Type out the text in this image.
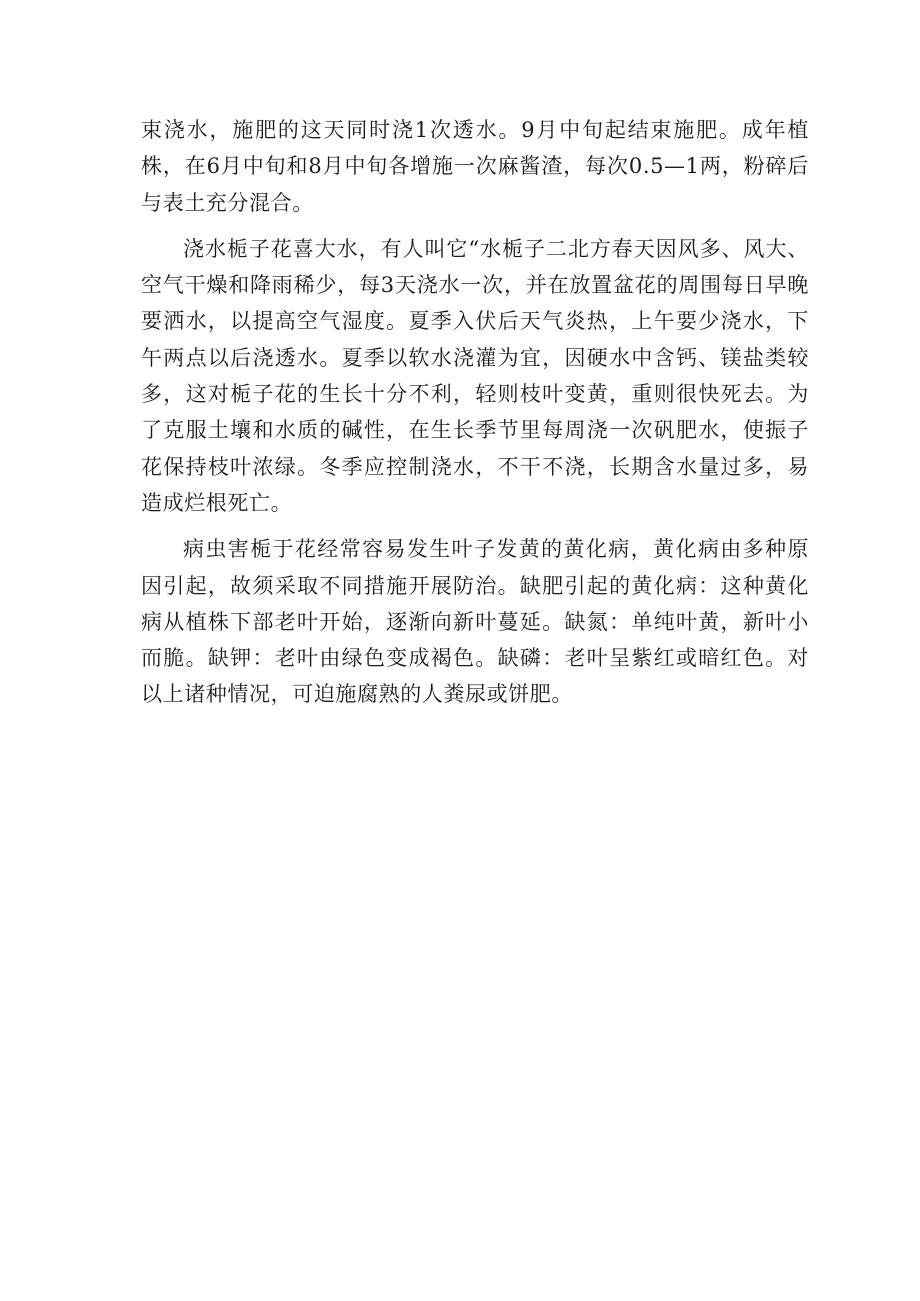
束浇水，施肥的这天同时浇1次透水。9月中旬起结束施肥。成年植株，在6月中旬和8月中旬各增施一次麻酱渣，每次0.5—1两，粉碎后与表土充分混合。

浇水栀子花喜大水，有人叫它“水栀子二北方春天因风多、风大、空气干燥和降雨稀少，每3天浇水一次，并在放置盆花的周围每日早晚要洒水，以提高空气湿度。夏季入伏后天气炎热，上午要少浇水，下午两点以后浇透水。夏季以软水浇灌为宜，因硬水中含钙、镁盐类较多，这对栀子花的生长十分不利，轻则枝叶变黄，重则很快死去。为了克服土壤和水质的碱性，在生长季节里每周浇一次矾肥水，使振子花保持枝叶浓绿。冬季应控制浇水，不干不浇，长期含水量过多，易造成烂根死亡。

病虫害栀于花经常容易发生叶子发黄的黄化病，黄化病由多种原因引起，故须采取不同措施开展防治。缺肥引起的黄化病：这种黄化病从植株下部老叶开始，逐渐向新叶蔓延。缺氮：单纯叶黄，新叶小而脆。缺钾：老叶由绿色变成褐色。缺磷：老叶呈紫红或暗红色。对以上诸种情况，可迫施腐熟的人粪尿或饼肥。
